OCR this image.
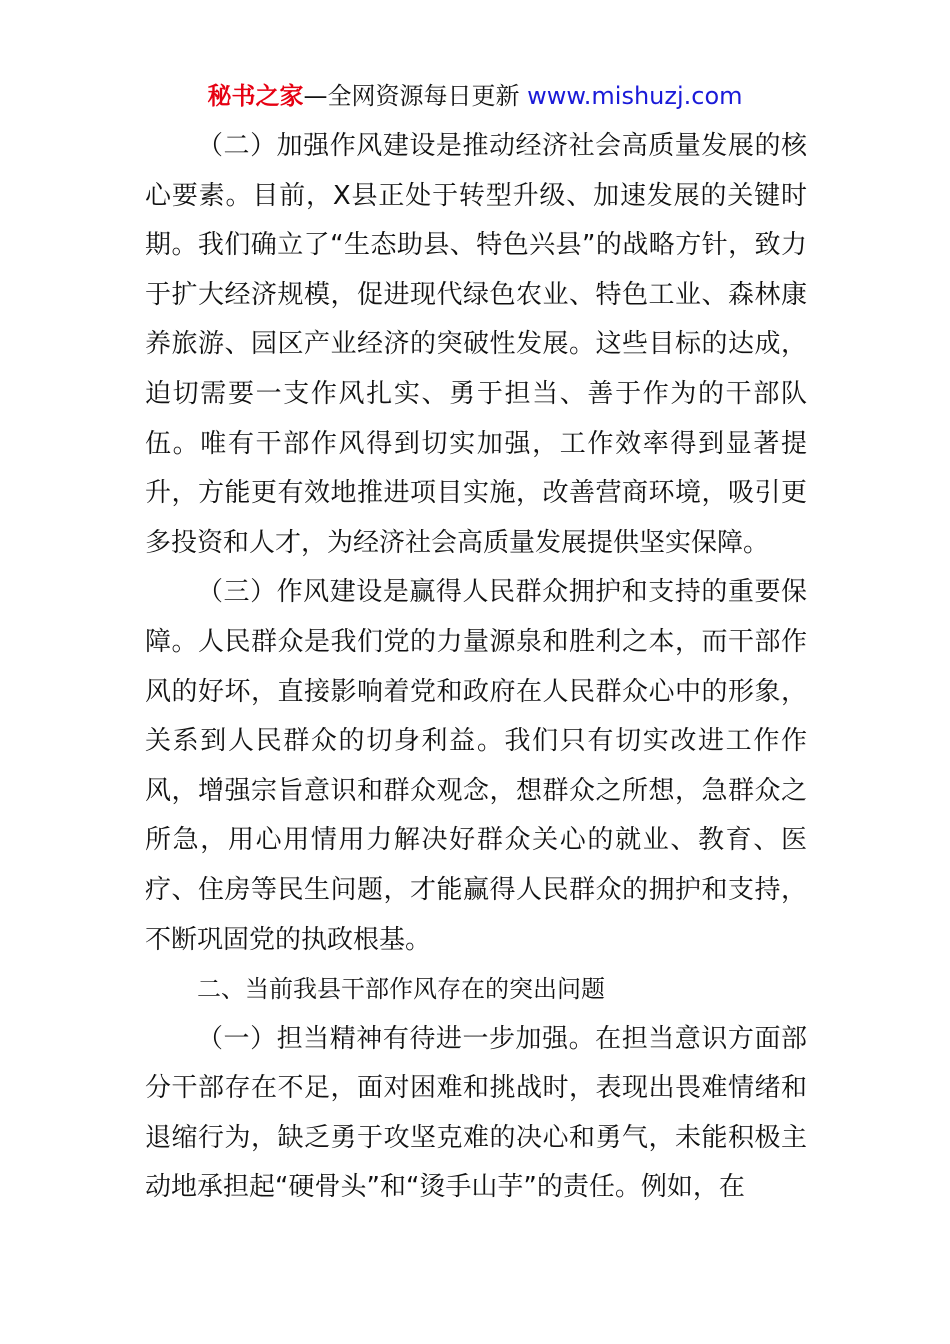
秘书之家—全网资源每日更新 www.mishuzj.com

（二）加强作风建设是推动经济社会高质量发展的核心要素。目前，X县正处于转型升级、加速发展的关键时期。我们确立了“生态助县、特色兴县”的战略方针，致力于扩大经济规模，促进现代绿色农业、特色工业、森林康养旅游、园区产业经济的突破性发展。这些目标的达成，迫切需要一支作风扎实、勇于担当、善于作为的干部队伍。唯有干部作风得到切实加强，工作效率得到显著提升，方能更有效地推进项目实施，改善营商环境，吸引更多投资和人才，为经济社会高质量发展提供坚实保障。

（三）作风建设是赢得人民群众拥护和支持的重要保障。人民群众是我们党的力量源泉和胜利之本，而干部作风的好坏，直接影响着党和政府在人民群众心中的形象，关系到人民群众的切身利益。我们只有切实改进工作作风，增强宗旨意识和群众观念，想群众之所想，急群众之所急，用心用情用力解决好群众关心的就业、教育、医疗、住房等民生问题，才能赢得人民群众的拥护和支持，不断巩固党的执政根基。

二、当前我县干部作风存在的突出问题

（一）担当精神有待进一步加强。在担当意识方面部分干部存在不足，面对困难和挑战时，表现出畏难情绪和退缩行为，缺乏勇于攻坚克难的决心和勇气，未能积极主动地承担起“硬骨头”和“烫手山芋”的责任。例如，在
